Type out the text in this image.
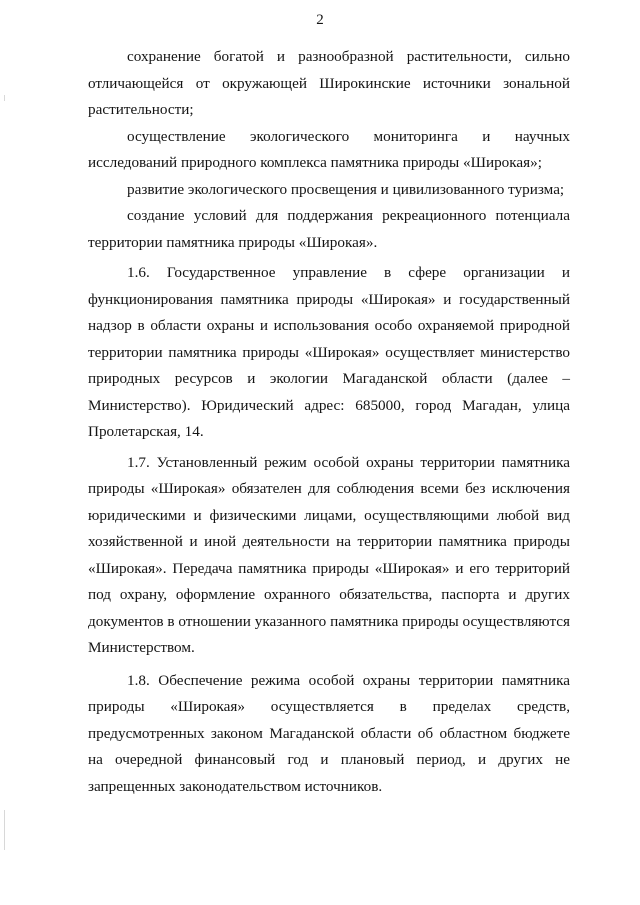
2

сохранение богатой и разнообразной растительности, сильно отличающейся от окружающей Широкинские источники зональной растительности;

осуществление экологического мониторинга и научных исследований природного комплекса памятника природы «Широкая»;

развитие экологического просвещения и цивилизованного туризма;

создание условий для поддержания рекреационного потенциала территории памятника природы «Широкая».

1.6. Государственное управление в сфере организации и функционирования памятника природы «Широкая» и государственный надзор в области охраны и использования особо охраняемой природной территории памятника природы «Широкая» осуществляет министерство природных ресурсов и экологии Магаданской области (далее – Министерство). Юридический адрес: 685000, город Магадан, улица Пролетарская, 14.

1.7. Установленный режим особой охраны территории памятника природы «Широкая» обязателен для соблюдения всеми без исключения юридическими и физическими лицами, осуществляющими любой вид хозяйственной и иной деятельности на территории памятника природы «Широкая». Передача памятника природы «Широкая» и его территорий под охрану, оформление охранного обязательства, паспорта и других документов в отношении указанного памятника природы осуществляются Министерством.

1.8. Обеспечение режима особой охраны территории памятника природы «Широкая» осуществляется в пределах средств, предусмотренных законом Магаданской области об областном бюджете на очередной финансовый год и плановый период, и других не запрещенных законодательством источников.
